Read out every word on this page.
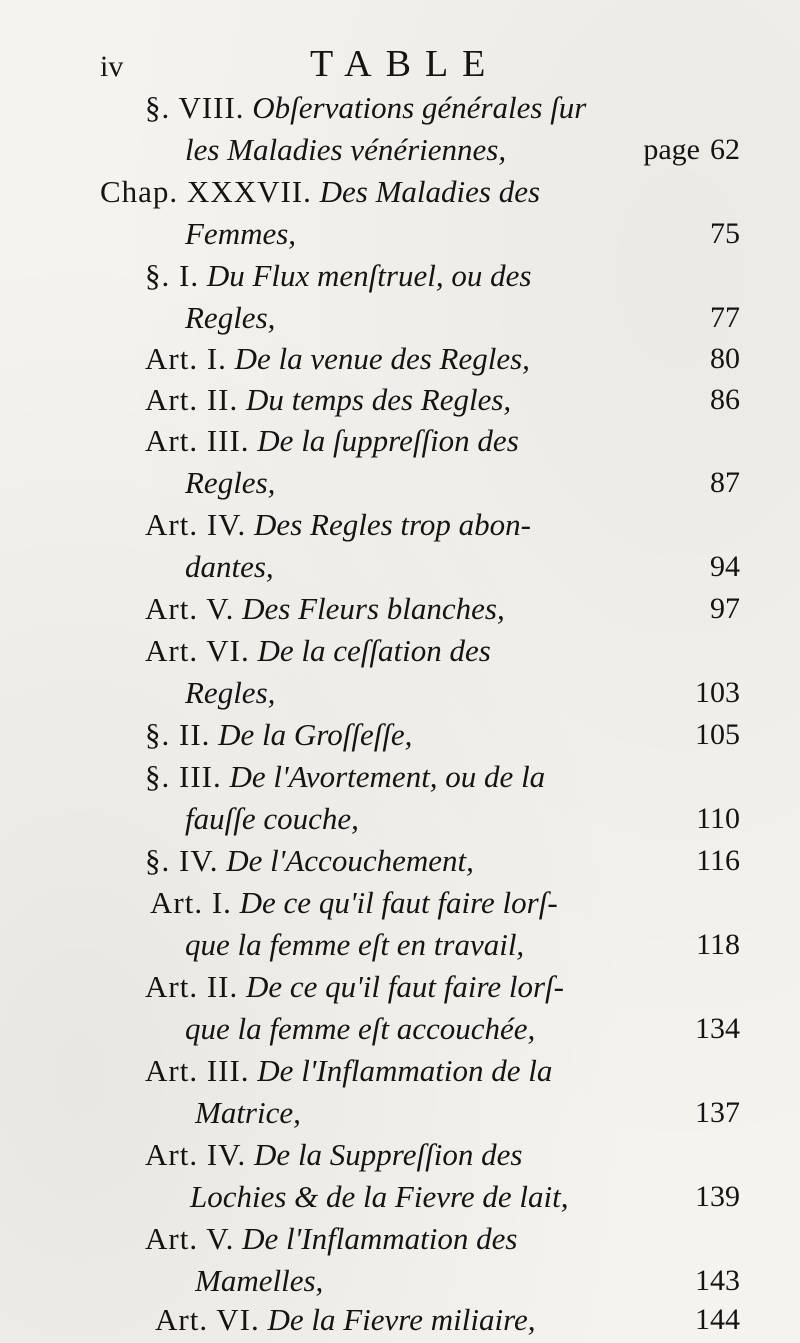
iv	TABLE
§. VIII. Obſervations générales ſur
les Maladies vénériennes,	page 62
Chap. XXXVII. Des Maladies des
Femmes,	75
§. I. Du Flux menſtruel, ou des
Regles,	77
Art. I. De la venue des Regles,	80
Art. II. Du temps des Regles,	86
Art. III. De la ſuppreſſion des
Regles,	87
Art. IV. Des Regles trop abon-
dantes,	94
Art. V. Des Fleurs blanches,	97
Art. VI. De la ceſſation des
Regles,	103
§. II. De la Groſſeſſe,	105
§. III. De l'Avortement, ou de la
fauſſe couche,	110
§. IV. De l'Accouchement,	116
Art. I. De ce qu'il faut faire lorſ-
que la femme eſt en travail,	118
Art. II. De ce qu'il faut faire lorſ-
que la femme eſt accouchée,	134
Art. III. De l'Inflammation de la
Matrice,	137
Art. IV. De la Suppreſſion des
Lochies & de la Fievre de lait,	139
Art. V. De l'Inflammation des
Mamelles,	143
Art. VI. De la Fievre miliaire,	144
